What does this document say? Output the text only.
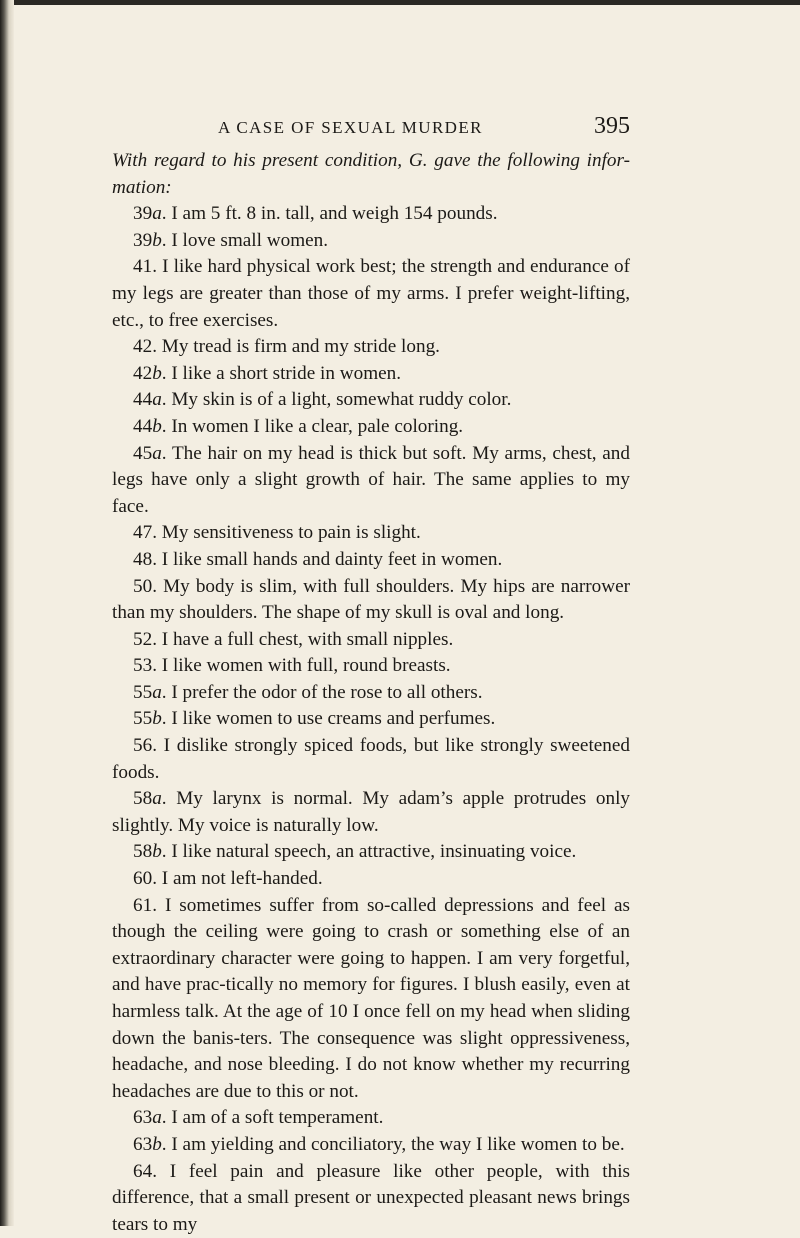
A CASE OF SEXUAL MURDER	395

With regard to his present condition, G. gave the following infor-mation:

39a. I am 5 ft. 8 in. tall, and weigh 154 pounds.

39b. I love small women.

41. I like hard physical work best; the strength and endurance of my legs are greater than those of my arms. I prefer weight-lifting, etc., to free exercises.

42. My tread is firm and my stride long.

42b. I like a short stride in women.

44a. My skin is of a light, somewhat ruddy color.

44b. In women I like a clear, pale coloring.

45a. The hair on my head is thick but soft. My arms, chest, and legs have only a slight growth of hair. The same applies to my face.

47. My sensitiveness to pain is slight.

48. I like small hands and dainty feet in women.

50. My body is slim, with full shoulders. My hips are narrower than my shoulders. The shape of my skull is oval and long.

52. I have a full chest, with small nipples.

53. I like women with full, round breasts.

55a. I prefer the odor of the rose to all others.

55b. I like women to use creams and perfumes.

56. I dislike strongly spiced foods, but like strongly sweetened foods.

58a. My larynx is normal. My adam’s apple protrudes only slightly. My voice is naturally low.

58b. I like natural speech, an attractive, insinuating voice.

60. I am not left-handed.

61. I sometimes suffer from so-called depressions and feel as though the ceiling were going to crash or something else of an extraordinary character were going to happen. I am very forgetful, and have prac-tically no memory for figures. I blush easily, even at harmless talk. At the age of 10 I once fell on my head when sliding down the banis-ters. The consequence was slight oppressiveness, headache, and nose bleeding. I do not know whether my recurring headaches are due to this or not.

63a. I am of a soft temperament.

63b. I am yielding and conciliatory, the way I like women to be.

64. I feel pain and pleasure like other people, with this difference, that a small present or unexpected pleasant news brings tears to my
